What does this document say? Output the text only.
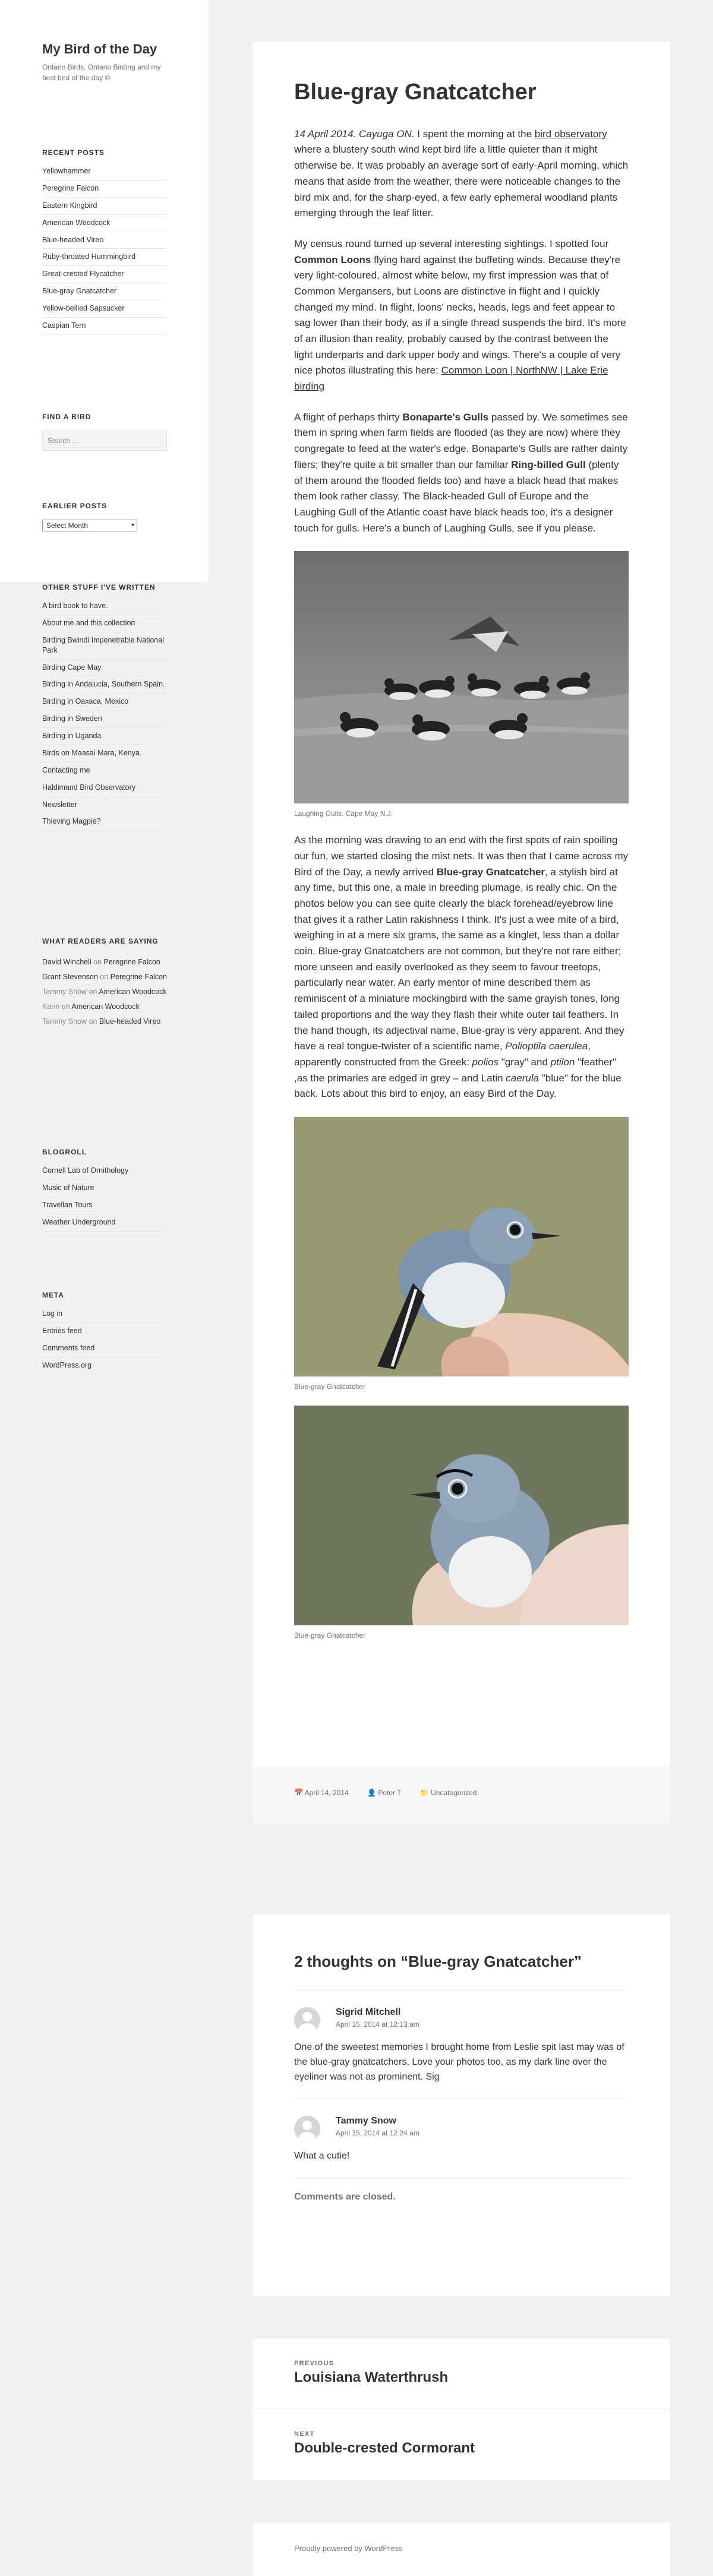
My Bird of the Day
Ontario Birds, Ontario Birding and my best bird of the day ©
RECENT POSTS
Yellowhammer
Peregrine Falcon
Eastern Kingbird
American Woodcock
Blue-headed Vireo
Ruby-throated Hummingbird
Great-crested Flycatcher
Blue-gray Gnatcatcher
Yellow-bellied Sapsucker
Caspian Tern
FIND A BIRD
Search …
EARLIER POSTS
Select Month	▾
OTHER STUFF I'VE WRITTEN
A bird book to have.
About me and this collection
Birding Bwindi Impenetrable National Park
Birding Cape May
Birding in Andalucia, Southern Spain.
Birding in Oaxaca, Mexico
Birding in Sweden
Birding in Uganda
Birds on Maasai Mara, Kenya.
Contacting me
Haldimand Bird Observatory
Newsletter
Thieving Magpie?
WHAT READERS ARE SAYING
David Winchell on Peregrine Falcon
Grant Stevenson on Peregrine Falcon
Tammy Snow on American Woodcock
Karin on American Woodcock
Tammy Snow on Blue-headed Vireo
BLOGROLL
Cornell Lab of Ornithology
Music of Nature
Travellan Tours
Weather Underground
META
Log in
Entries feed
Comments feed
WordPress.org
Blue-gray Gnatcatcher

14 April 2014. Cayuga ON. I spent the morning at the bird observatory where a blustery south wind kept bird life a little quieter than it might otherwise be. It was probably an average sort of early-April morning, which means that aside from the weather, there were noticeable changes to the bird mix and, for the sharp-eyed, a few early ephemeral woodland plants emerging through the leaf litter.

My census round turned up several interesting sightings. I spotted four Common Loons flying hard against the buffeting winds. Because they're very light-coloured, almost white below, my first impression was that of Common Mergansers, but Loons are distinctive in flight and I quickly changed my mind. In flight, loons' necks, heads, legs and feet appear to sag lower than their body, as if a single thread suspends the bird. It's more of an illusion than reality, probably caused by the contrast between the light underparts and dark upper body and wings. There's a couple of very nice photos illustrating this here: Common Loon | NorthNW | Lake Erie birding

A flight of perhaps thirty Bonaparte's Gulls passed by. We sometimes see them in spring when farm fields are flooded (as they are now) where they congregate to feed at the water's edge. Bonaparte's Gulls are rather dainty fliers; they're quite a bit smaller than our familiar Ring-billed Gull (plenty of them around the flooded fields too) and have a black head that makes them look rather classy. The Black-headed Gull of Europe and the Laughing Gull of the Atlantic coast have black heads too, it's a designer touch for gulls. Here's a bunch of Laughing Gulls, see if you please.

Laughing Gulls. Cape May N.J.

As the morning was drawing to an end with the first spots of rain spoiling our fun, we started closing the mist nets. It was then that I came across my Bird of the Day, a newly arrived Blue-gray Gnatcatcher, a stylish bird at any time, but this one, a male in breeding plumage, is really chic. On the photos below you can see quite clearly the black forehead/eyebrow line that gives it a rather Latin rakishness I think. It's just a wee mite of a bird, weighing in at a mere six grams, the same as a kinglet, less than a dollar coin. Blue-gray Gnatcatchers are not common, but they're not rare either; more unseen and easily overlooked as they seem to favour treetops, particularly near water. An early mentor of mine described them as reminiscent of a miniature mockingbird with the same grayish tones, long tailed proportions and the way they flash their white outer tail feathers. In the hand though, its adjectival name, Blue-gray is very apparent. And they have a real tongue-twister of a scientific name, Polioptila caerulea, apparently constructed from the Greek: polios "gray" and ptilon "feather" ,as the primaries are edged in grey – and Latin caerula "blue" for the blue back. Lots about this bird to enjoy, an easy Bird of the Day.

Blue-gray Gnatcatcher
Blue-gray Gnatcatcher
📅 April 14, 2014	👤 Peter T	📁 Uncategorized
2 thoughts on “Blue-gray Gnatcatcher”
Sigrid Mitchell
April 15, 2014 at 12:13 am

One of the sweetest memories I brought home from Leslie spit last may was of the blue-gray gnatcatchers. Love your photos too, as my dark line over the eyeliner was not as prominent. Sig

Tammy Snow
April 15, 2014 at 12:24 am

What a cutie!

Comments are closed.
PREVIOUS
Louisiana Waterthrush
NEXT
Double-crested Cormorant
Proudly powered by WordPress
